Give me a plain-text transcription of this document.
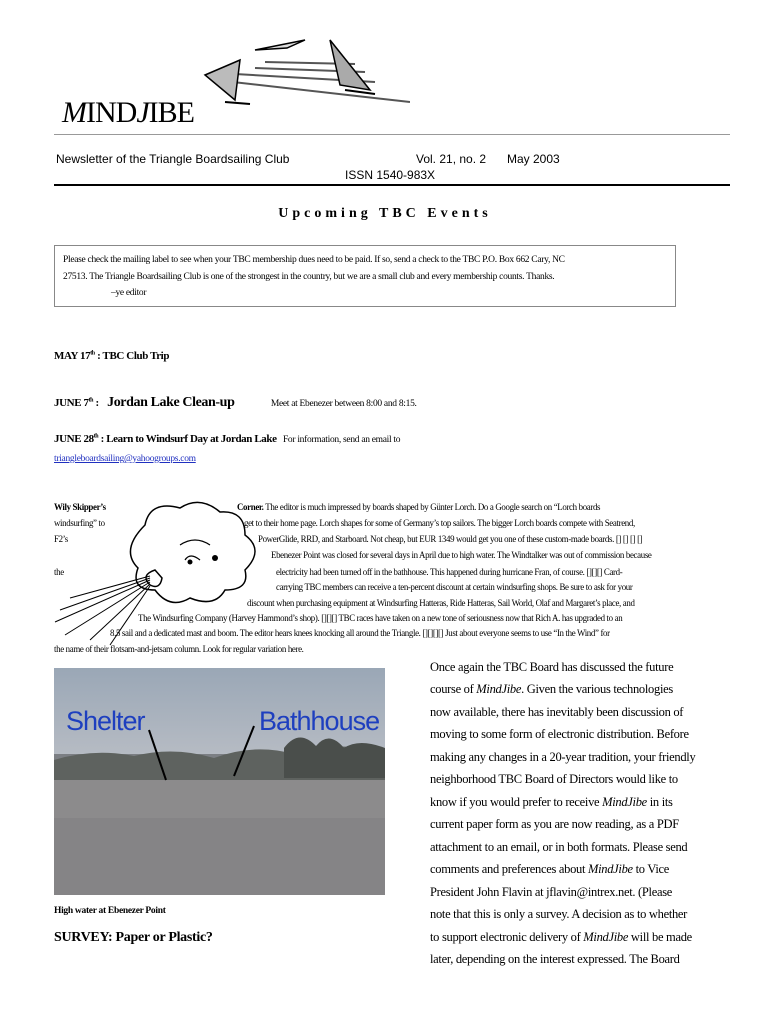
MINDJIBE
Newsletter of the Triangle Boardsailing Club	Vol. 21, no. 2 May 2003
ISSN 1540-983X
Upcoming TBC Events

Please check the mailing label to see when your TBC membership dues need to be paid. If so, send a check to the TBC P.O. Box 662 Cary, NC

27513. The Triangle Boardsailing Club is one of the strongest in the country, but we are a small club and every membership counts. Thanks.

–ye editor

MAY 17th : TBC Club Trip
JUNE 7th : Jordan Lake Clean-up	Meet at Ebenezer between 8:00 and 8:15.
JUNE 28th : Learn to Windsurf Day at Jordan Lake For information, send an email to
triangleboardsailing@yahoogroups.com
Wily Skipper’s	Corner. The editor is much impressed by boards shaped by Günter Lorch. Do a Google search on “Lorch boards
windsurfing” to	get to their home page. Lorch shapes for some of Germany’s top sailors. The bigger Lorch boards compete with Seatrend,
F2’s	PowerGlide, RRD, and Starboard. Not cheap, but EUR 1349 would get you one of these custom-made boards. [] [] [] []
Ebenezer Point was closed for several days in April due to high water. The Windtalker was out of commission because
the	electricity had been turned off in the bathhouse. This happened during hurricane Fran, of course. [][][] Card-
carrying TBC members can receive a ten-percent discount at certain windsurfing shops. Be sure to ask for your
discount when purchasing equipment at Windsurfing Hatteras, Ride Hatteras, Sail World, Olaf and Margaret’s place, and
The Windsurfing Company (Harvey Hammond’s shop). [][][] TBC races have taken on a new tone of seriousness now that Rich A. has upgraded to an
8.5 sail and a dedicated mast and boom. The editor hears knees knocking all around the Triangle. [][][][] Just about everyone seems to use “In the Wind” for
the name of their flotsam-and-jetsam column. Look for regular variation here.
Shelter	Bathhouse
High water at Ebenezer Point
SURVEY: Paper or Plastic?
Once again the TBC Board has discussed the future
course of MindJibe. Given the various technologies
now available, there has inevitably been discussion of
moving to some form of electronic distribution. Before
making any changes in a 20-year tradition, your friendly
neighborhood TBC Board of Directors would like to
know if you would prefer to receive MindJibe in its
current paper form as you are now reading, as a PDF
attachment to an email, or in both formats. Please send
comments and preferences about MindJibe to Vice
President John Flavin at jflavin@intrex.net. (Please
note that this is only a survey. A decision as to whether
to support electronic delivery of MindJibe will be made
later, depending on the interest expressed. The Board
